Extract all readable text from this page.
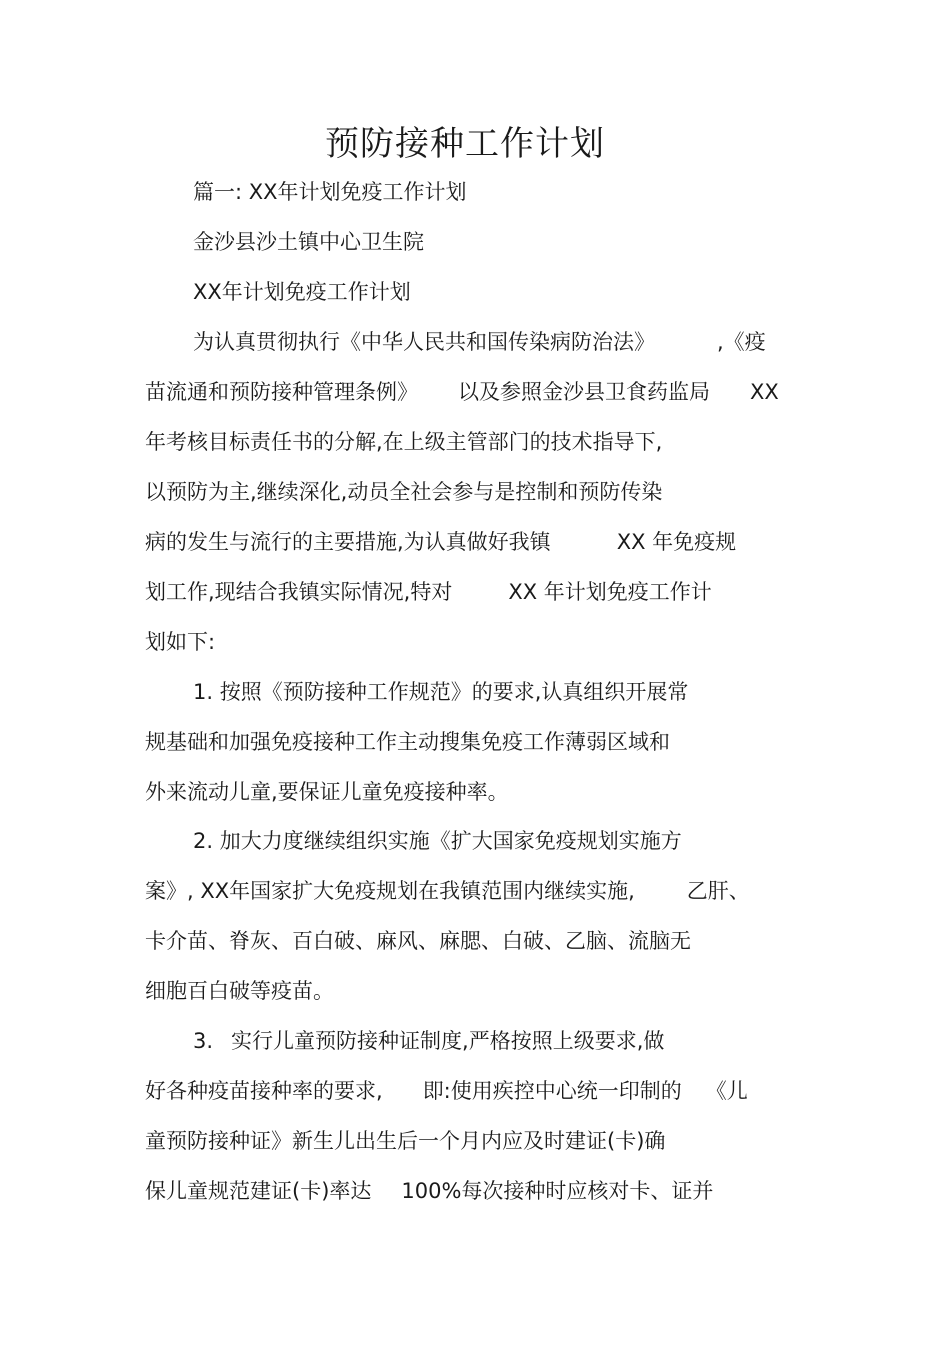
预防接种工作计划
篇一: XX年计划免疫工作计划
金沙县沙土镇中心卫生院
XX年计划免疫工作计划
为认真贯彻执行《中华人民共和国传染病防治法》	,《疫
苗流通和预防接种管理条例》 以及参照金沙县卫食药监局 XX
年考核目标责任书的分解,在上级主管部门的技术指导下,
以预防为主,继续深化,动员全社会参与是控制和预防传染
病的发生与流行的主要措施,为认真做好我镇	XX 年免疫规
划工作,现结合我镇实际情况,特对	XX 年计划免疫工作计
划如下:
1. 按照《预防接种工作规范》的要求,认真组织开展常
规基础和加强免疫接种工作主动搜集免疫工作薄弱区域和
外来流动儿童,要保证儿童免疫接种率。
2. 加大力度继续组织实施《扩大国家免疫规划实施方
案》, XX年国家扩大免疫规划在我镇范围内继续实施, 乙肝、
卡介苗、脊灰、百白破、麻风、麻腮、白破、乙脑、流脑无
细胞百白破等疫苗。
3. 实行儿童预防接种证制度,严格按照上级要求,做
好各种疫苗接种率的要求, 即:使用疾控中心统一印制的 《儿
童预防接种证》新生儿出生后一个月内应及时建证(卡)确
保儿童规范建证(卡)率达 100%每次接种时应核对卡、证并
